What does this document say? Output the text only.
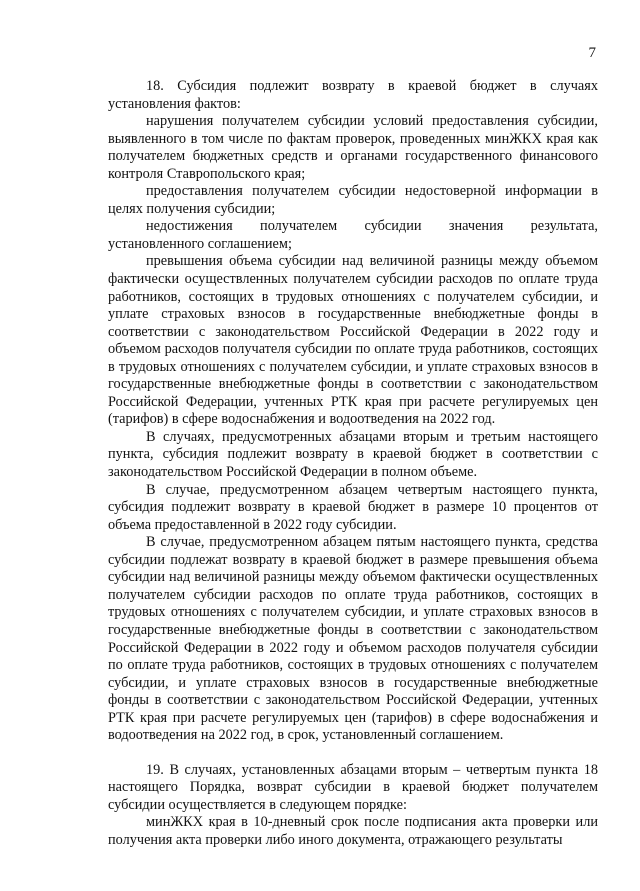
7

18. Субсидия подлежит возврату в краевой бюджет в случаях установления фактов:

нарушения получателем субсидии условий предоставления субсидии, выявленного в том числе по фактам проверок, проведенных минЖКХ края как получателем бюджетных средств и органами государственного финансового контроля Ставропольского края;

предоставления получателем субсидии недостоверной информации в целях получения субсидии;

недостижения получателем субсидии значения результата, установленного соглашением;

превышения объема субсидии над величиной разницы между объемом фактически осуществленных получателем субсидии расходов по оплате труда работников, состоящих в трудовых отношениях с получателем субсидии, и уплате страховых взносов в государственные внебюджетные фонды в соответствии с законодательством Российской Федерации в 2022 году и объемом расходов получателя субсидии по оплате труда работников, состоящих в трудовых отношениях с получателем субсидии, и уплате страховых взносов в государственные внебюджетные фонды в соответствии с законодательством Российской Федерации, учтенных РТК края при расчете регулируемых цен (тарифов) в сфере водоснабжения и водоотведения на 2022 год.

В случаях, предусмотренных абзацами вторым и третьим настоящего пункта, субсидия подлежит возврату в краевой бюджет в соответствии с законодательством Российской Федерации в полном объеме.

В случае, предусмотренном абзацем четвертым настоящего пункта, субсидия подлежит возврату в краевой бюджет в размере 10 процентов от объема предоставленной в 2022 году субсидии.

В случае, предусмотренном абзацем пятым настоящего пункта, средства субсидии подлежат возврату в краевой бюджет в размере превышения объема субсидии над величиной разницы между объемом фактически осуществленных получателем субсидии расходов по оплате труда работников, состоящих в трудовых отношениях с получателем субсидии, и уплате страховых взносов в государственные внебюджетные фонды в соответствии с законодательством Российской Федерации в 2022 году и объемом расходов получателя субсидии по оплате труда работников, состоящих в трудовых отношениях с получателем субсидии, и уплате страховых взносов в государственные внебюджетные фонды в соответствии с законодательством Российской Федерации, учтенных РТК края при расчете регулируемых цен (тарифов) в сфере водоснабжения и водоотведения на 2022 год, в срок, установленный соглашением.

19. В случаях, установленных абзацами вторым – четвертым пункта 18 настоящего Порядка, возврат субсидии в краевой бюджет получателем субсидии осуществляется в следующем порядке:

минЖКХ края в 10-дневный срок после подписания акта проверки или получения акта проверки либо иного документа, отражающего результаты
